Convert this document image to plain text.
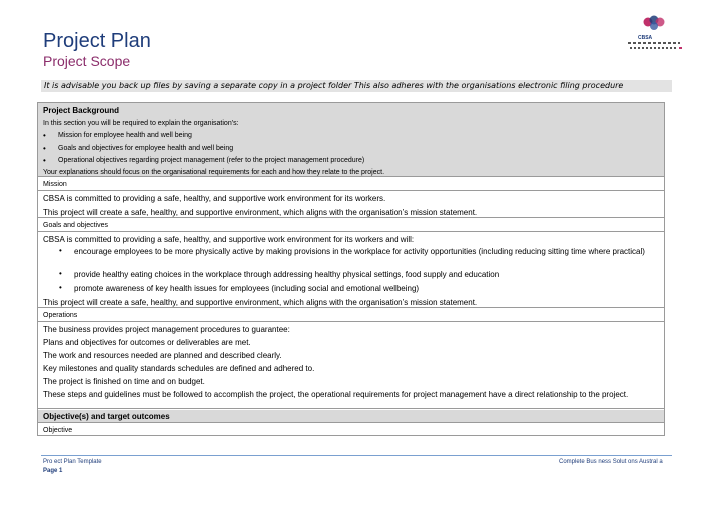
Project Plan
Project Scope
CBSA
It is advisable you back up files by saving a separate copy in a project folder This also adheres with the organisations electronic filing procedure
Project Background
In this section you will be required to explain the organisation’s:
• Mission for employee health and well being
• Goals and objectives for employee health and well being
• Operational objectives regarding project management (refer to the project management procedure)
Your explanations should focus on the organisational requirements for each and how they relate to the project.
Mission
CBSA is committed to providing a safe, healthy, and supportive work environment for its workers.
This project will create a safe, healthy, and supportive environment, which aligns with the organisation’s mission statement.
Goals and objectives
CBSA is committed to providing a safe, healthy, and supportive work environment for its workers and will:
• encourage employees to be more physically active by making provisions in the workplace for activity opportunities (including reducing sitting time where practical)
• provide healthy eating choices in the workplace through addressing healthy physical settings, food supply and education
• promote awareness of key health issues for employees (including social and emotional wellbeing)
This project will create a safe, healthy, and supportive environment, which aligns with the organisation’s mission statement.
Operations
The business provides project management procedures to guarantee:
Plans and objectives for outcomes or deliverables are met.
The work and resources needed are planned and described clearly.
Key milestones and quality standards schedules are defined and adhered to.
The project is finished on time and on budget.
These steps and guidelines must be followed to accomplish the project, the operational requirements for project management have a direct relationship to the project.
Objective(s) and target outcomes
Objective
Pro ect Plan Template
Page 1
Complete Bus ness Solut ons Austral a
